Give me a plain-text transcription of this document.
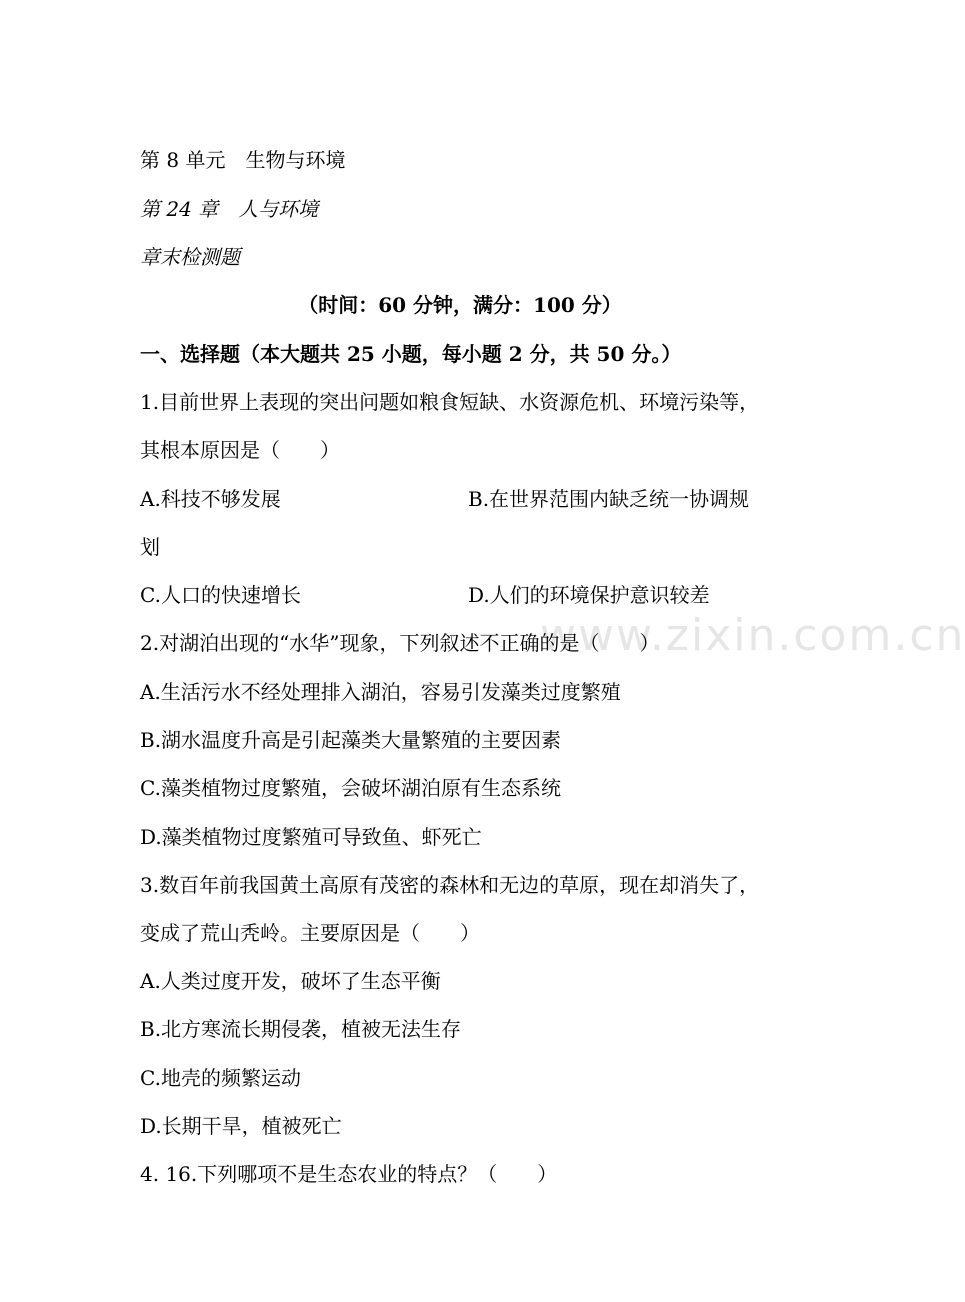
www.zixin.com.cn
第 8 单元　生物与环境
第 24 章　人与环境
章末检测题
（时间：60 分钟，满分：100 分）
一、选择题（本大题共 25 小题，每小题 2 分，共 50 分。）
1.目前世界上表现的突出问题如粮食短缺、水资源危机、环境污染等，
其根本原因是（　　）
A.科技不够发展	B.在世界范围内缺乏统一协调规
划
C.人口的快速增长	D.人们的环境保护意识较差
2.对湖泊出现的“水华”现象，下列叙述不正确的是（　　）
A.生活污水不经处理排入湖泊，容易引发藻类过度繁殖
B.湖水温度升高是引起藻类大量繁殖的主要因素
C.藻类植物过度繁殖，会破坏湖泊原有生态系统
D.藻类植物过度繁殖可导致鱼、虾死亡
3.数百年前我国黄土高原有茂密的森林和无边的草原，现在却消失了，
变成了荒山秃岭。主要原因是（　　）
A.人类过度开发，破坏了生态平衡
B.北方寒流长期侵袭，植被无法生存
C.地壳的频繁运动
D.长期干旱，植被死亡
4. 16.下列哪项不是生态农业的特点？（　　）
